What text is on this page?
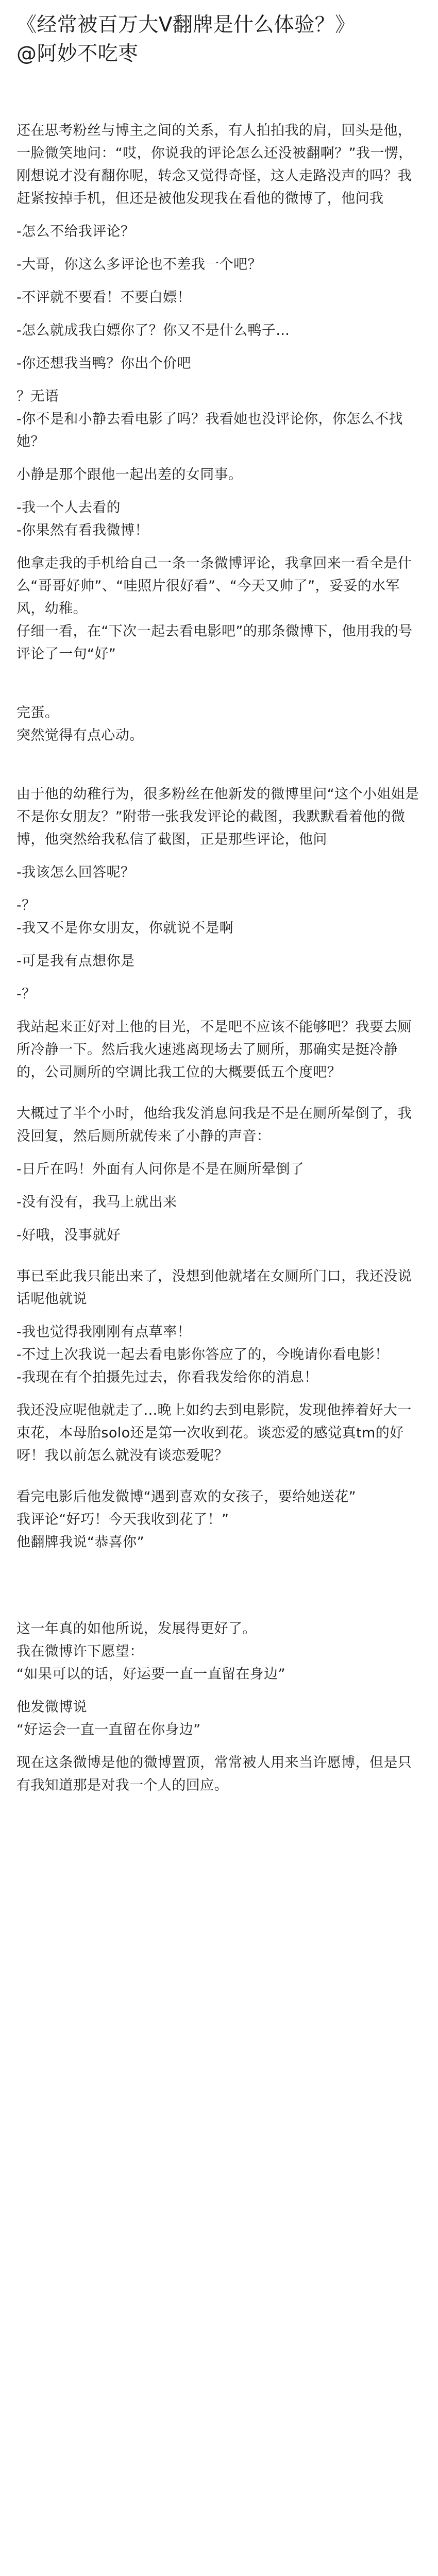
《经常被百万大V翻牌是什么体验？》
@阿妙不吃枣
还在思考粉丝与博主之间的关系，有人拍拍我的肩，回头是他，一脸微笑地问：“哎，你说我的评论怎么还没被翻啊？”我一愣，刚想说才没有翻你呢，转念又觉得奇怪，这人走路没声的吗？我赶紧按掉手机，但还是被他发现我在看他的微博了，他问我
-怎么不给我评论？
-大哥，你这么多评论也不差我一个吧？
-不评就不要看！不要白嫖！
-怎么就成我白嫖你了？你又不是什么鸭子...
-你还想我当鸭？你出个价吧
？无语
-你不是和小静去看电影了吗？我看她也没评论你，你怎么不找她？
小静是那个跟他一起出差的女同事。
-我一个人去看的
-你果然有看我微博！
他拿走我的手机给自己一条一条微博评论，我拿回来一看全是什么“哥哥好帅”、“哇照片很好看”、“今天又帅了”，妥妥的水军风，幼稚。
仔细一看，在“下次一起去看电影吧”的那条微博下，他用我的号评论了一句“好”
完蛋。
突然觉得有点心动。
由于他的幼稚行为，很多粉丝在他新发的微博里问“这个小姐姐是不是你女朋友？”附带一张我发评论的截图，我默默看着他的微博，他突然给我私信了截图，正是那些评论，他问
-我该怎么回答呢？
-？
-我又不是你女朋友，你就说不是啊
-可是我有点想你是
-？
我站起来正好对上他的目光，不是吧不应该不能够吧？我要去厕所冷静一下。然后我火速逃离现场去了厕所，那确实是挺冷静的，公司厕所的空调比我工位的大概要低五个度吧？
大概过了半个小时，他给我发消息问我是不是在厕所晕倒了，我没回复，然后厕所就传来了小静的声音：
-日斤在吗！外面有人问你是不是在厕所晕倒了
-没有没有，我马上就出来
-好哦，没事就好
事已至此我只能出来了，没想到他就堵在女厕所门口，我还没说话呢他就说
-我也觉得我刚刚有点草率！
-不过上次我说一起去看电影你答应了的，今晚请你看电影！
-我现在有个拍摄先过去，你看我发给你的消息！
我还没应呢他就走了...晚上如约去到电影院，发现他捧着好大一束花，本母胎solo还是第一次收到花。谈恋爱的感觉真tm的好呀！我以前怎么就没有谈恋爱呢？
看完电影后他发微博“遇到喜欢的女孩子，要给她送花”
我评论“好巧！今天我收到花了！”
他翻牌我说“恭喜你”
这一年真的如他所说，发展得更好了。
我在微博许下愿望：
“如果可以的话，好运要一直一直留在身边”
他发微博说
“好运会一直一直留在你身边”
现在这条微博是他的微博置顶，常常被人用来当许愿博，但是只有我知道那是对我一个人的回应。
